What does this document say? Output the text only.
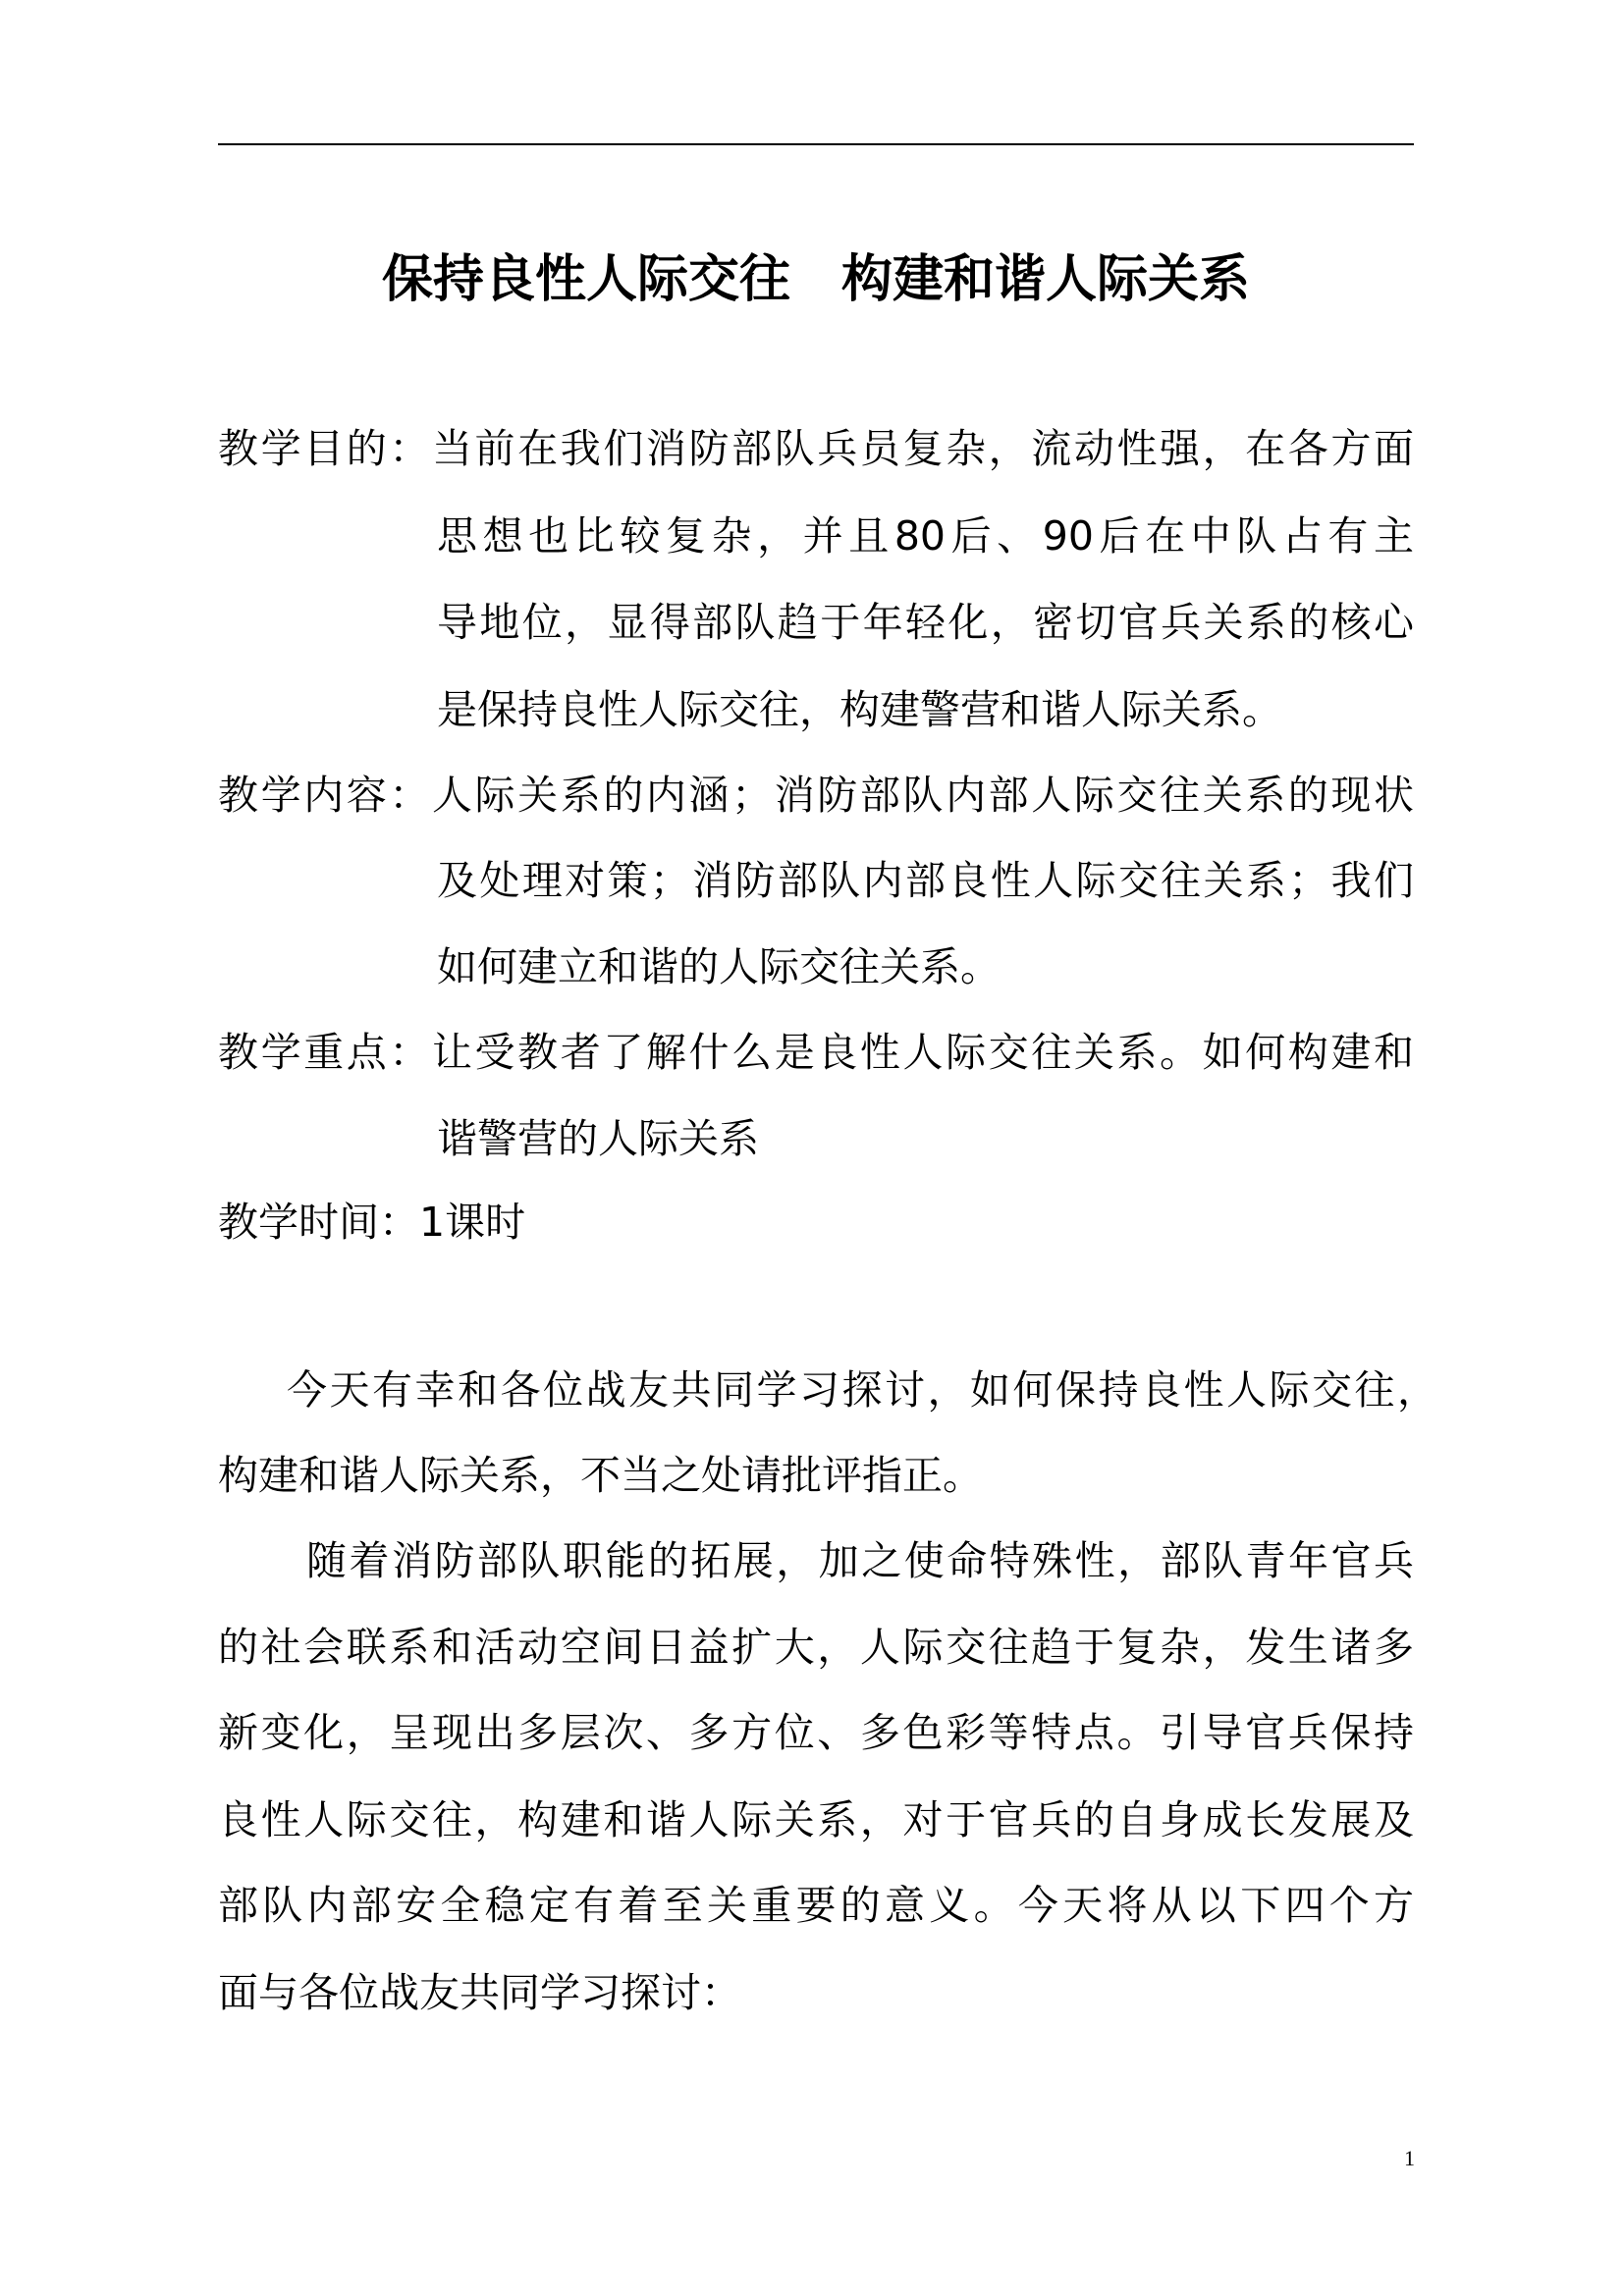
保持良性人际交往　构建和谐人际关系
教学目的：当前在我们消防部队兵员复杂，流动性强，在各方面
思想也比较复杂，并且80后、90后在中队占有主
导地位，显得部队趋于年轻化，密切官兵关系的核心
是保持良性人际交往，构建警营和谐人际关系。
教学内容：人际关系的内涵；消防部队内部人际交往关系的现状
及处理对策；消防部队内部良性人际交往关系；我们
如何建立和谐的人际交往关系。
教学重点：让受教者了解什么是良性人际交往关系。如何构建和
谐警营的人际关系
教学时间：1课时
今天有幸和各位战友共同学习探讨，如何保持良性人际交往，
构建和谐人际关系，不当之处请批评指正。
随着消防部队职能的拓展，加之使命特殊性，部队青年官兵
的社会联系和活动空间日益扩大，人际交往趋于复杂，发生诸多
新变化，呈现出多层次、多方位、多色彩等特点。引导官兵保持
良性人际交往，构建和谐人际关系，对于官兵的自身成长发展及
部队内部安全稳定有着至关重要的意义。今天将从以下四个方
面与各位战友共同学习探讨：
1
